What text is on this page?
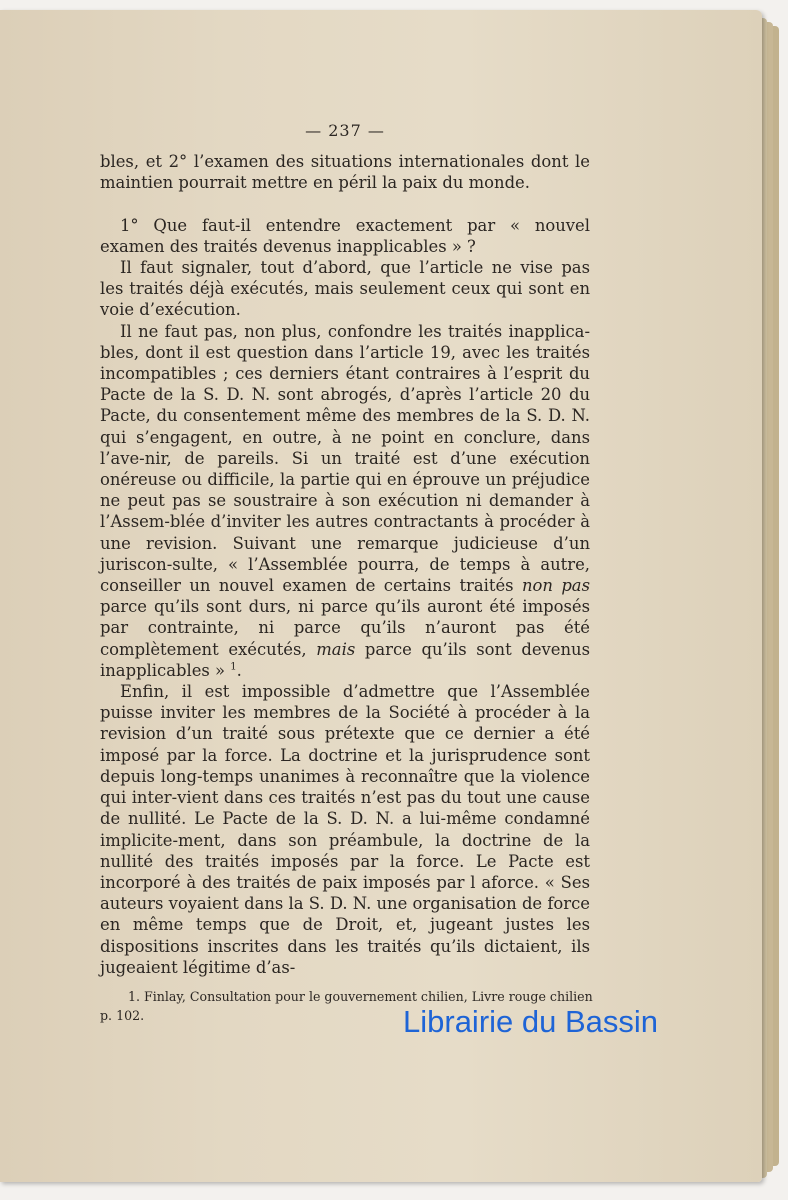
— 237 —

bles, et 2° l’examen des situations internationales dont le maintien pourrait mettre en péril la paix du monde.

1° Que faut-il entendre exactement par « nouvel examen des traités devenus inapplicables » ?

Il faut signaler, tout d’abord, que l’article ne vise pas les traités déjà exécutés, mais seulement ceux qui sont en voie d’exécution.

Il ne faut pas, non plus, confondre les traités inapplica-bles, dont il est question dans l’article 19, avec les traités incompatibles ; ces derniers étant contraires à l’esprit du Pacte de la S. D. N. sont abrogés, d’après l’article 20 du Pacte, du consentement même des membres de la S. D. N. qui s’engagent, en outre, à ne point en conclure, dans l’ave-nir, de pareils. Si un traité est d’une exécution onéreuse ou difficile, la partie qui en éprouve un préjudice ne peut pas se soustraire à son exécution ni demander à l’Assem-blée d’inviter les autres contractants à procéder à une revision. Suivant une remarque judicieuse d’un juriscon-sulte, « l’Assemblée pourra, de temps à autre, conseiller un nouvel examen de certains traités non pas parce qu’ils sont durs, ni parce qu’ils auront été imposés par contrainte, ni parce qu’ils n’auront pas été complètement exécutés, mais parce qu’ils sont devenus inapplicables » $^1$.

Enfin, il est impossible d’admettre que l’Assemblée puisse inviter les membres de la Société à procéder à la revision d’un traité sous prétexte que ce dernier a été imposé par la force. La doctrine et la jurisprudence sont depuis long-temps unanimes à reconnaître que la violence qui inter-vient dans ces traités n’est pas du tout une cause de nullité. Le Pacte de la S. D. N. a lui-même condamné implicite-ment, dans son préambule, la doctrine de la nullité des traités imposés par la force. Le Pacte est incorporé à des traités de paix imposés par l aforce. « Ses auteurs voyaient dans la S. D. N. une organisation de force en même temps que de Droit, et, jugeant justes les dispositions inscrites dans les traités qu’ils dictaient, ils jugeaient légitime d’as-

1. Finlay, Consultation pour le gouvernement chilien, Livre rouge chilien p. 102.	Librairie du Bassin
